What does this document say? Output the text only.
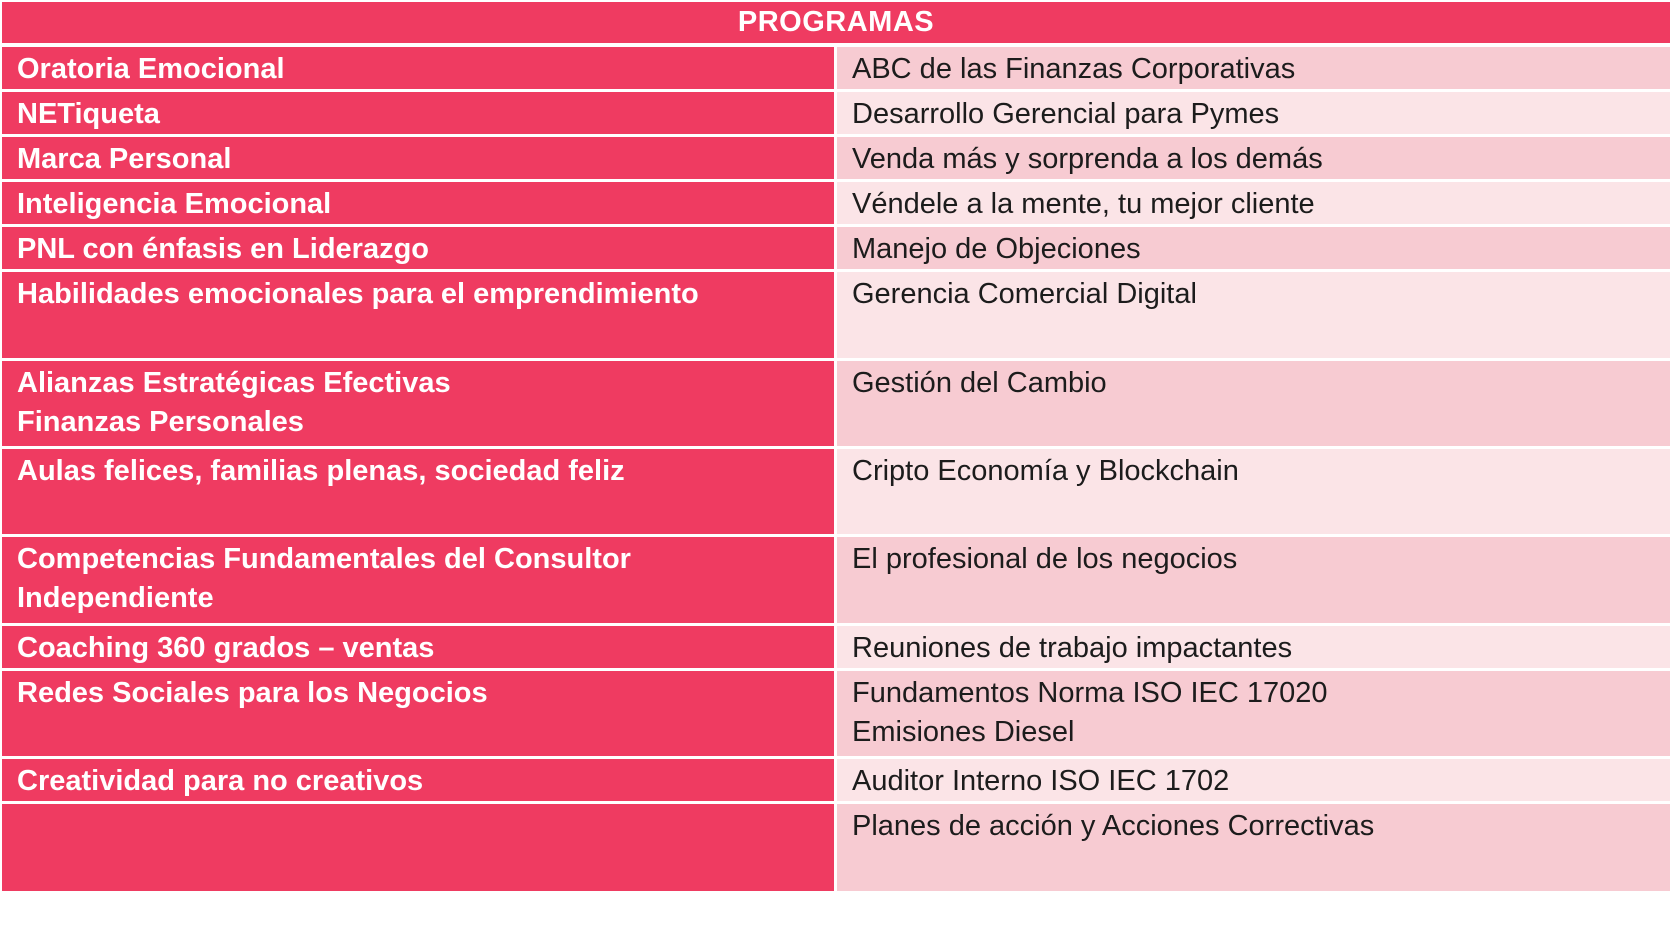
PROGRAMAS
Oratoria Emocional	ABC de las Finanzas Corporativas

NETiqueta	Desarrollo Gerencial para Pymes

Marca Personal	Venda más y sorprenda a los demás

Inteligencia Emocional	Véndele a la mente, tu mejor cliente

PNL con énfasis en Liderazgo	Manejo de Objeciones

Habilidades emocionales para el emprendimiento	Gerencia Comercial Digital

Alianzas Estratégicas Efectivas
Finanzas Personales	Gestión del Cambio

Aulas felices, familias plenas, sociedad feliz	Cripto Economía y Blockchain

Competencias Fundamentales del Consultor
Independiente	El profesional de los negocios

Coaching 360 grados – ventas	Reuniones de trabajo impactantes

Redes Sociales para los Negocios	Fundamentos Norma ISO IEC 17020
Emisiones Diesel

Creatividad para no creativos	Auditor Interno ISO IEC 1702

	Planes de acción y Acciones Correctivas
